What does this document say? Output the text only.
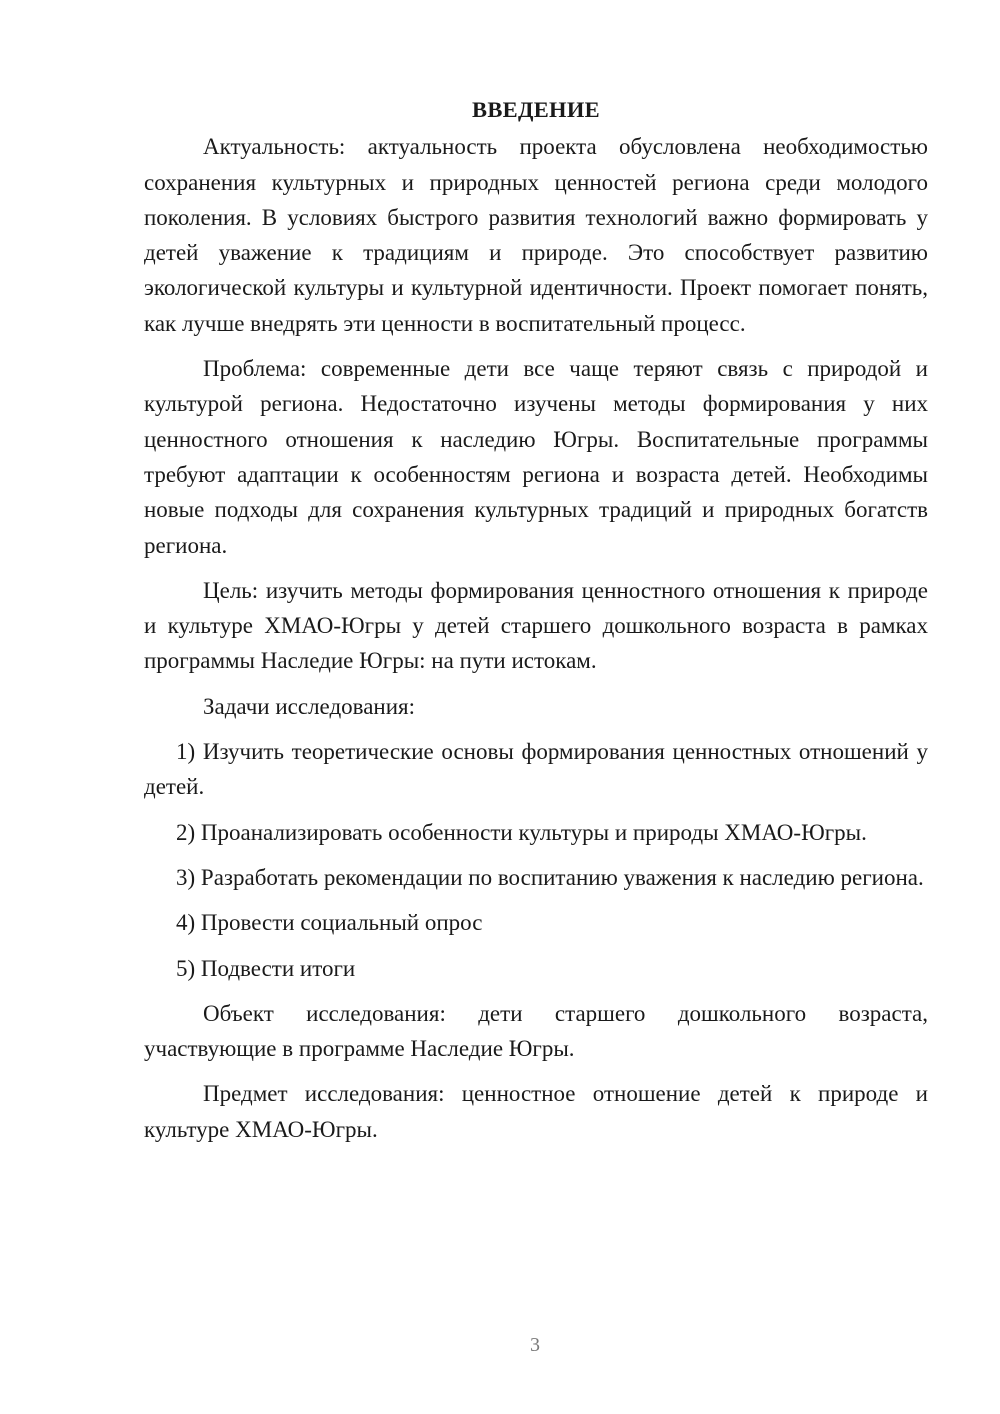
ВВЕДЕНИЕ

Актуальность: актуальность проекта обусловлена необходимостью сохранения культурных и природных ценностей региона среди молодого поколения. В условиях быстрого развития технологий важно формировать у детей уважение к традициям и природе. Это способствует развитию экологической культуры и культурной идентичности. Проект помогает понять, как лучше внедрять эти ценности в воспитательный процесс.

Проблема: современные дети все чаще теряют связь с природой и культурой региона. Недостаточно изучены методы формирования у них ценностного отношения к наследию Югры. Воспитательные программы требуют адаптации к особенностям региона и возраста детей. Необходимы новые подходы для сохранения культурных традиций и природных богатств региона.

Цель: изучить методы формирования ценностного отношения к природе и культуре ХМАО-Югры у детей старшего дошкольного возраста в рамках программы Наследие Югры: на пути истокам.

Задачи исследования:

1) Изучить теоретические основы формирования ценностных отношений у детей.

2) Проанализировать особенности культуры и природы ХМАО-Югры.

3) Разработать рекомендации по воспитанию уважения к наследию региона.

4) Провести социальный опрос

5) Подвести итоги

Объект исследования: дети старшего дошкольного возраста, участвующие в программе Наследие Югры.

Предмет исследования: ценностное отношение детей к природе и культуре ХМАО-Югры.

3
